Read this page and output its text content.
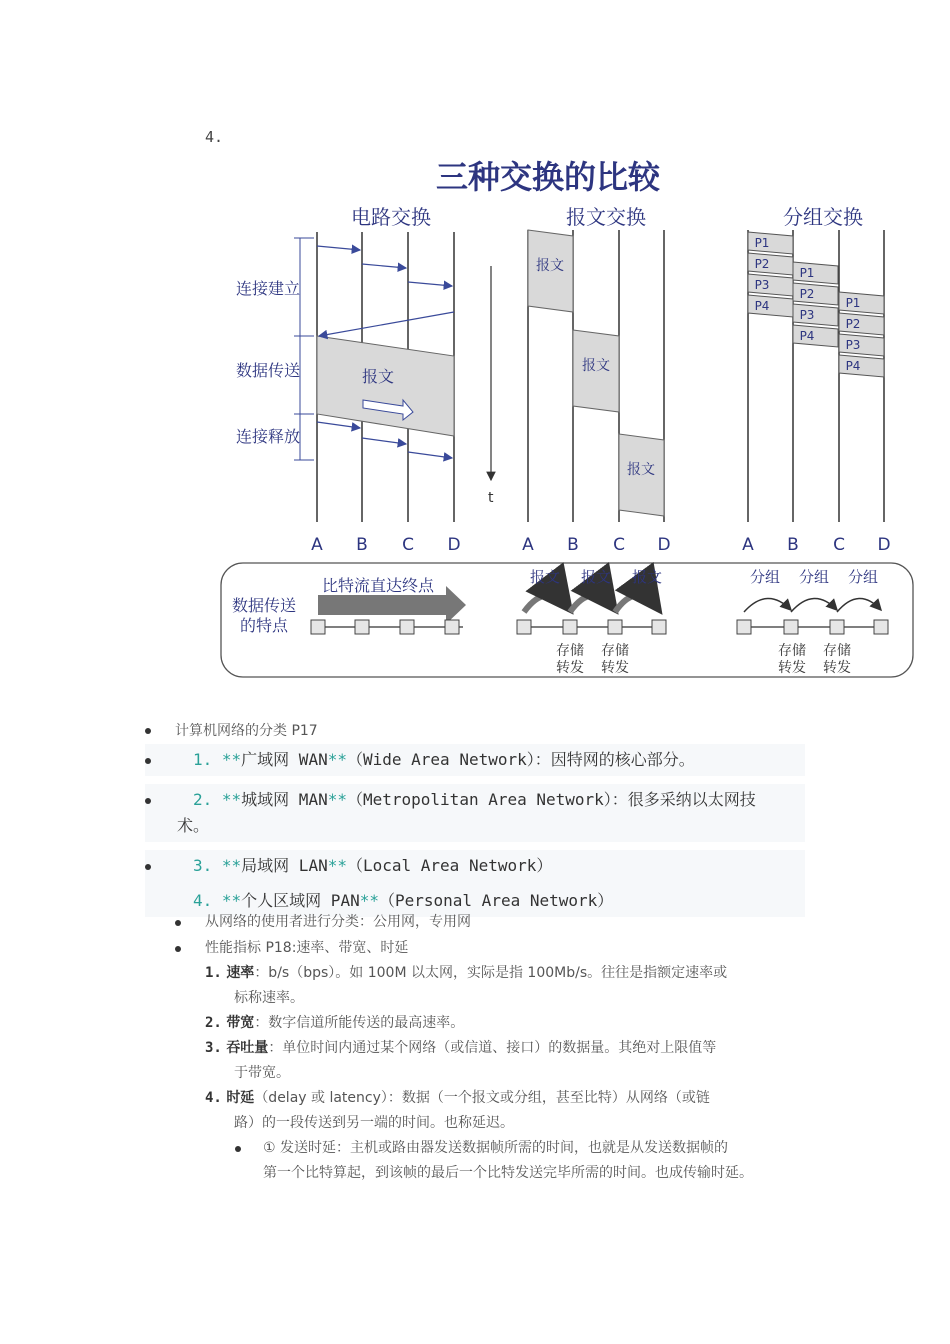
4.
三种交换的比较
电路交换	报文交换	分组交换
连接建立
数据传送
连接释放
报文
t
报文
报文
报文
P1
P2
P3
P4
P1
P2
P3
P4
P1
P2
P3
P4
A B C D	A B C D	A B C D
数据传送
的特点
比特流直达终点	报文 报文 报文	分组 分组 分组
存储
转发
存储
转发
存储
转发
存储
转发
计算机网络的分类 P17
1. **广域网 WAN**（Wide Area Network）：因特网的核心部分。
2. **城域网 MAN**（Metropolitan Area Network）：很多采纳以太网技
术。
3. **局域网 LAN**（Local Area Network）
4. **个人区域网 PAN**（Personal Area Network）
从网络的使用者进行分类：公用网，专用网
性能指标 P18:速率、带宽、时延
1. 速率：b/s（bps）。如 100M 以太网，实际是指 100Mb/s。往往是指额定速率或
标称速率。
2. 带宽：数字信道所能传送的最高速率。
3. 吞吐量：单位时间内通过某个网络（或信道、接口）的数据量。其绝对上限值等
于带宽。
4. 时延（delay 或 latency）：数据（一个报文或分组，甚至比特）从网络（或链
路）的一段传送到另一端的时间。也称延迟。
① 发送时延：主机或路由器发送数据帧所需的时间，也就是从发送数据帧的
第一个比特算起，到该帧的最后一个比特发送完毕所需的时间。也成传输时延。
